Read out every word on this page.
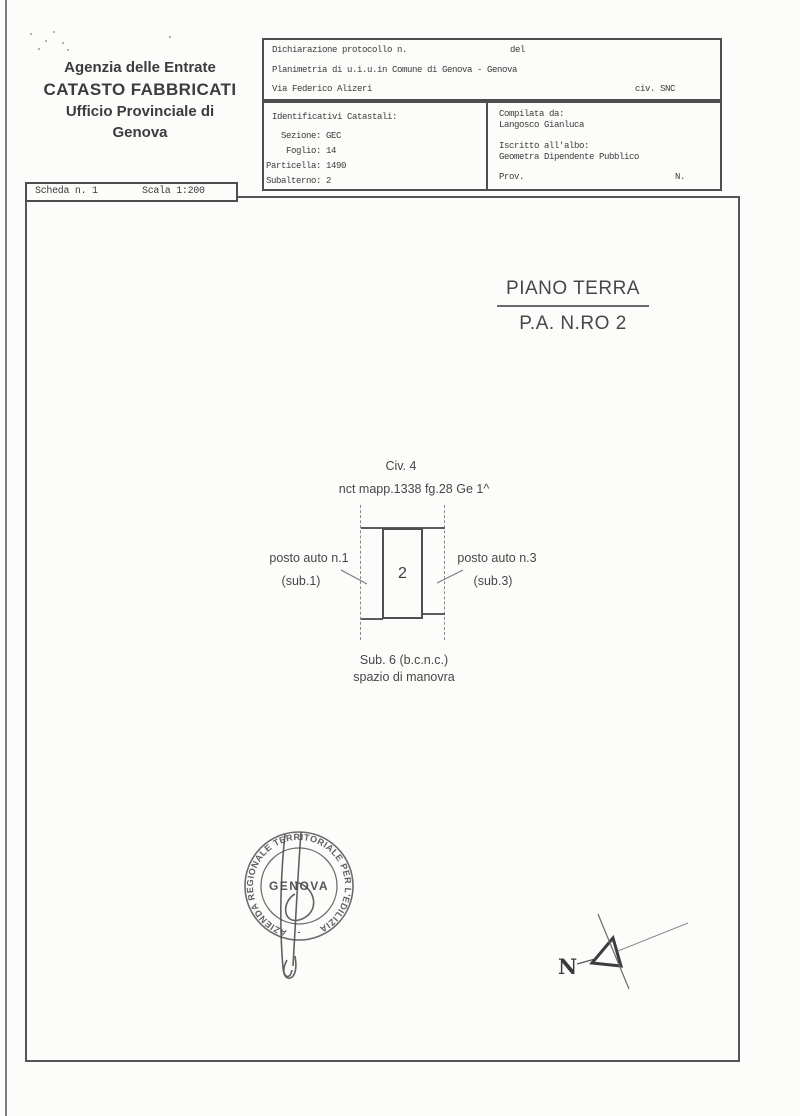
Agenzia delle Entrate
CATASTO FABBRICATI
Ufficio Provinciale di
Genova
Dichiarazione protocollo n.	del
Planimetria di u.i.u.in Comune di Genova - Genova
Via Federico Alizeri	civ. SNC
Identificativi Catastali:
Sezione: GEC
Foglio: 14
Particella: 1490
Subalterno: 2
Compilata da:
Langosco Gianluca
Iscritto all'albo:
Geometra Dipendente Pubblico
Prov.	N.
Scheda n. 1	Scala 1:200
PIANO TERRA
P.A. N.RO 2
Civ. 4
nct mapp.1338 fg.28 Ge 1^
posto auto n.1
(sub.1)
posto auto n.3
(sub.3)
Sub. 6 (b.c.n.c.)
spazio di manovra
2
AZIENDA REGIONALE TERRITORIALE PER L'EDILIZIA
-
GENOVA
N
